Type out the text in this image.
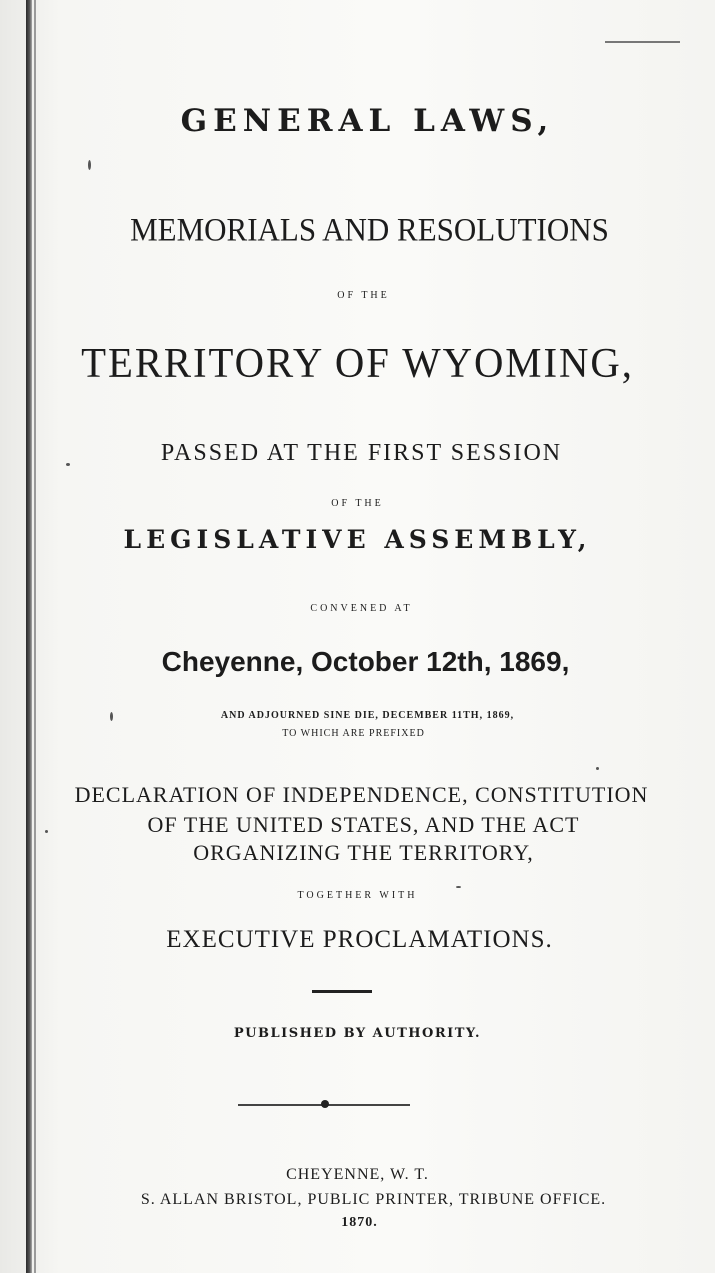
GENERAL LAWS,
MEMORIALS AND RESOLUTIONS
OF THE
TERRITORY OF WYOMING,
PASSED AT THE FIRST SESSION
OF THE
LEGISLATIVE ASSEMBLY,
CONVENED AT
Cheyenne, October 12th, 1869,
AND ADJOURNED SINE DIE, DECEMBER 11TH, 1869,
TO WHICH ARE PREFIXED
DECLARATION OF INDEPENDENCE, CONSTITUTION
OF THE UNITED STATES, AND THE ACT
ORGANIZING THE TERRITORY,
TOGETHER WITH
EXECUTIVE PROCLAMATIONS.
PUBLISHED BY AUTHORITY.
CHEYENNE, W. T.
S. ALLAN BRISTOL, PUBLIC PRINTER, TRIBUNE OFFICE.
1870.
